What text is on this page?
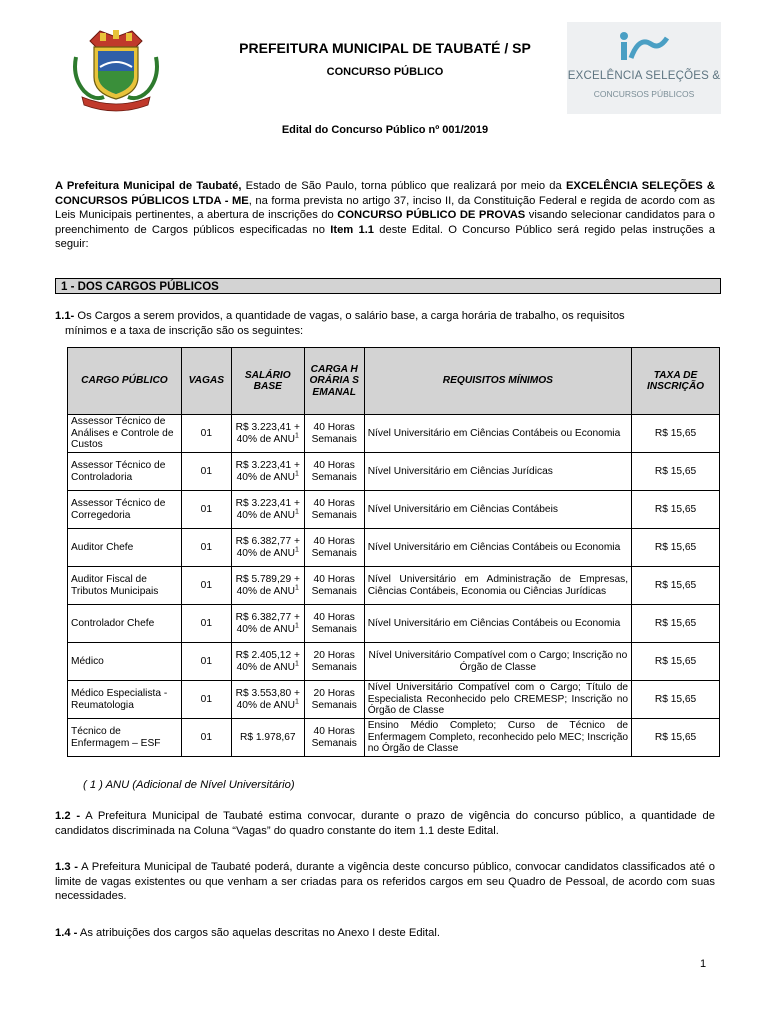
PREFEITURA MUNICIPAL DE TAUBATÉ / SP
CONCURSO PÚBLICO	EXCELÊNCIA SELEÇÕES &
CONCURSOS PÚBLICOS
Edital do Concurso Público nº 001/2019
A Prefeitura Municipal de Taubaté, Estado de São Paulo, torna público que realizará por meio da EXCELÊNCIA SELEÇÕES & CONCURSOS PÚBLICOS LTDA - ME, na forma prevista no artigo 37, inciso II, da Constituição Federal e regida de acordo com as Leis Municipais pertinentes, a abertura de inscrições do CONCURSO PÚBLICO DE PROVAS visando selecionar candidatos para o preenchimento de Cargos públicos especificadas no Item 1.1 deste Edital. O Concurso Público será regido pelas instruções a seguir:
1 - DOS CARGOS PÚBLICOS
1.1- Os Cargos a serem providos, a quantidade de vagas, o salário base, a carga horária de trabalho, os requisitos
mínimos e a taxa de inscrição são os seguintes:
CARGO PÚBLICO	VAGAS	SALÁRIO BASE	CARGA HORÁRIA SEMANAL	REQUISITOS MÍNIMOS	TAXA DE INSCRIÇÃO
Assessor Técnico de Análises e Controle de Custos	01	R$ 3.223,41 + 40% de ANU$^1$	40 Horas Semanais	Nível Universitário em Ciências Contábeis ou Economia	R$ 15,65
Assessor Técnico de Controladoria	01	R$ 3.223,41 + 40% de ANU$^1$	40 Horas Semanais	Nível Universitário em Ciências Jurídicas	R$ 15,65
Assessor Técnico de Corregedoria	01	R$ 3.223,41 + 40% de ANU$^1$	40 Horas Semanais	Nível Universitário em Ciências Contábeis	R$ 15,65
Auditor Chefe	01	R$ 6.382,77 + 40% de ANU$^1$	40 Horas Semanais	Nível Universitário em Ciências Contábeis ou Economia	R$ 15,65
Auditor Fiscal de Tributos Municipais	01	R$ 5.789,29 + 40% de ANU$^1$	40 Horas Semanais	Nível Universitário em Administração de Empresas, Ciências Contábeis, Economia ou Ciências Jurídicas	R$ 15,65
Controlador Chefe	01	R$ 6.382,77 + 40% de ANU$^1$	40 Horas Semanais	Nível Universitário em Ciências Contábeis ou Economia	R$ 15,65
Médico	01	R$ 2.405,12 + 40% de ANU$^1$	20 Horas Semanais	Nível Universitário Compatível com o Cargo; Inscrição no Órgão de Classe	R$ 15,65
Médico Especialista - Reumatologia	01	R$ 3.553,80 + 40% de ANU$^1$	20 Horas Semanais	Nível Universitário Compatível com o Cargo; Título de Especialista Reconhecido pelo CREMESP; Inscrição no Órgão de Classe	R$ 15,65
Técnico de Enfermagem – ESF	01	R$ 1.978,67	40 Horas Semanais	Ensino Médio Completo; Curso de Técnico de Enfermagem Completo, reconhecido pelo MEC; Inscrição no Órgão de Classe	R$ 15,65
( 1 ) ANU (Adicional de Nível Universitário)
1.2 - A Prefeitura Municipal de Taubaté estima convocar, durante o prazo de vigência do concurso público, a quantidade de candidatos discriminada na Coluna “Vagas” do quadro constante do item 1.1 deste Edital.
1.3 - A Prefeitura Municipal de Taubaté poderá, durante a vigência deste concurso público, convocar candidatos classificados até o limite de vagas existentes ou que venham a ser criadas para os referidos cargos em seu Quadro de Pessoal, de acordo com suas necessidades.
1.4 - As atribuições dos cargos são aquelas descritas no Anexo I deste Edital.
1
